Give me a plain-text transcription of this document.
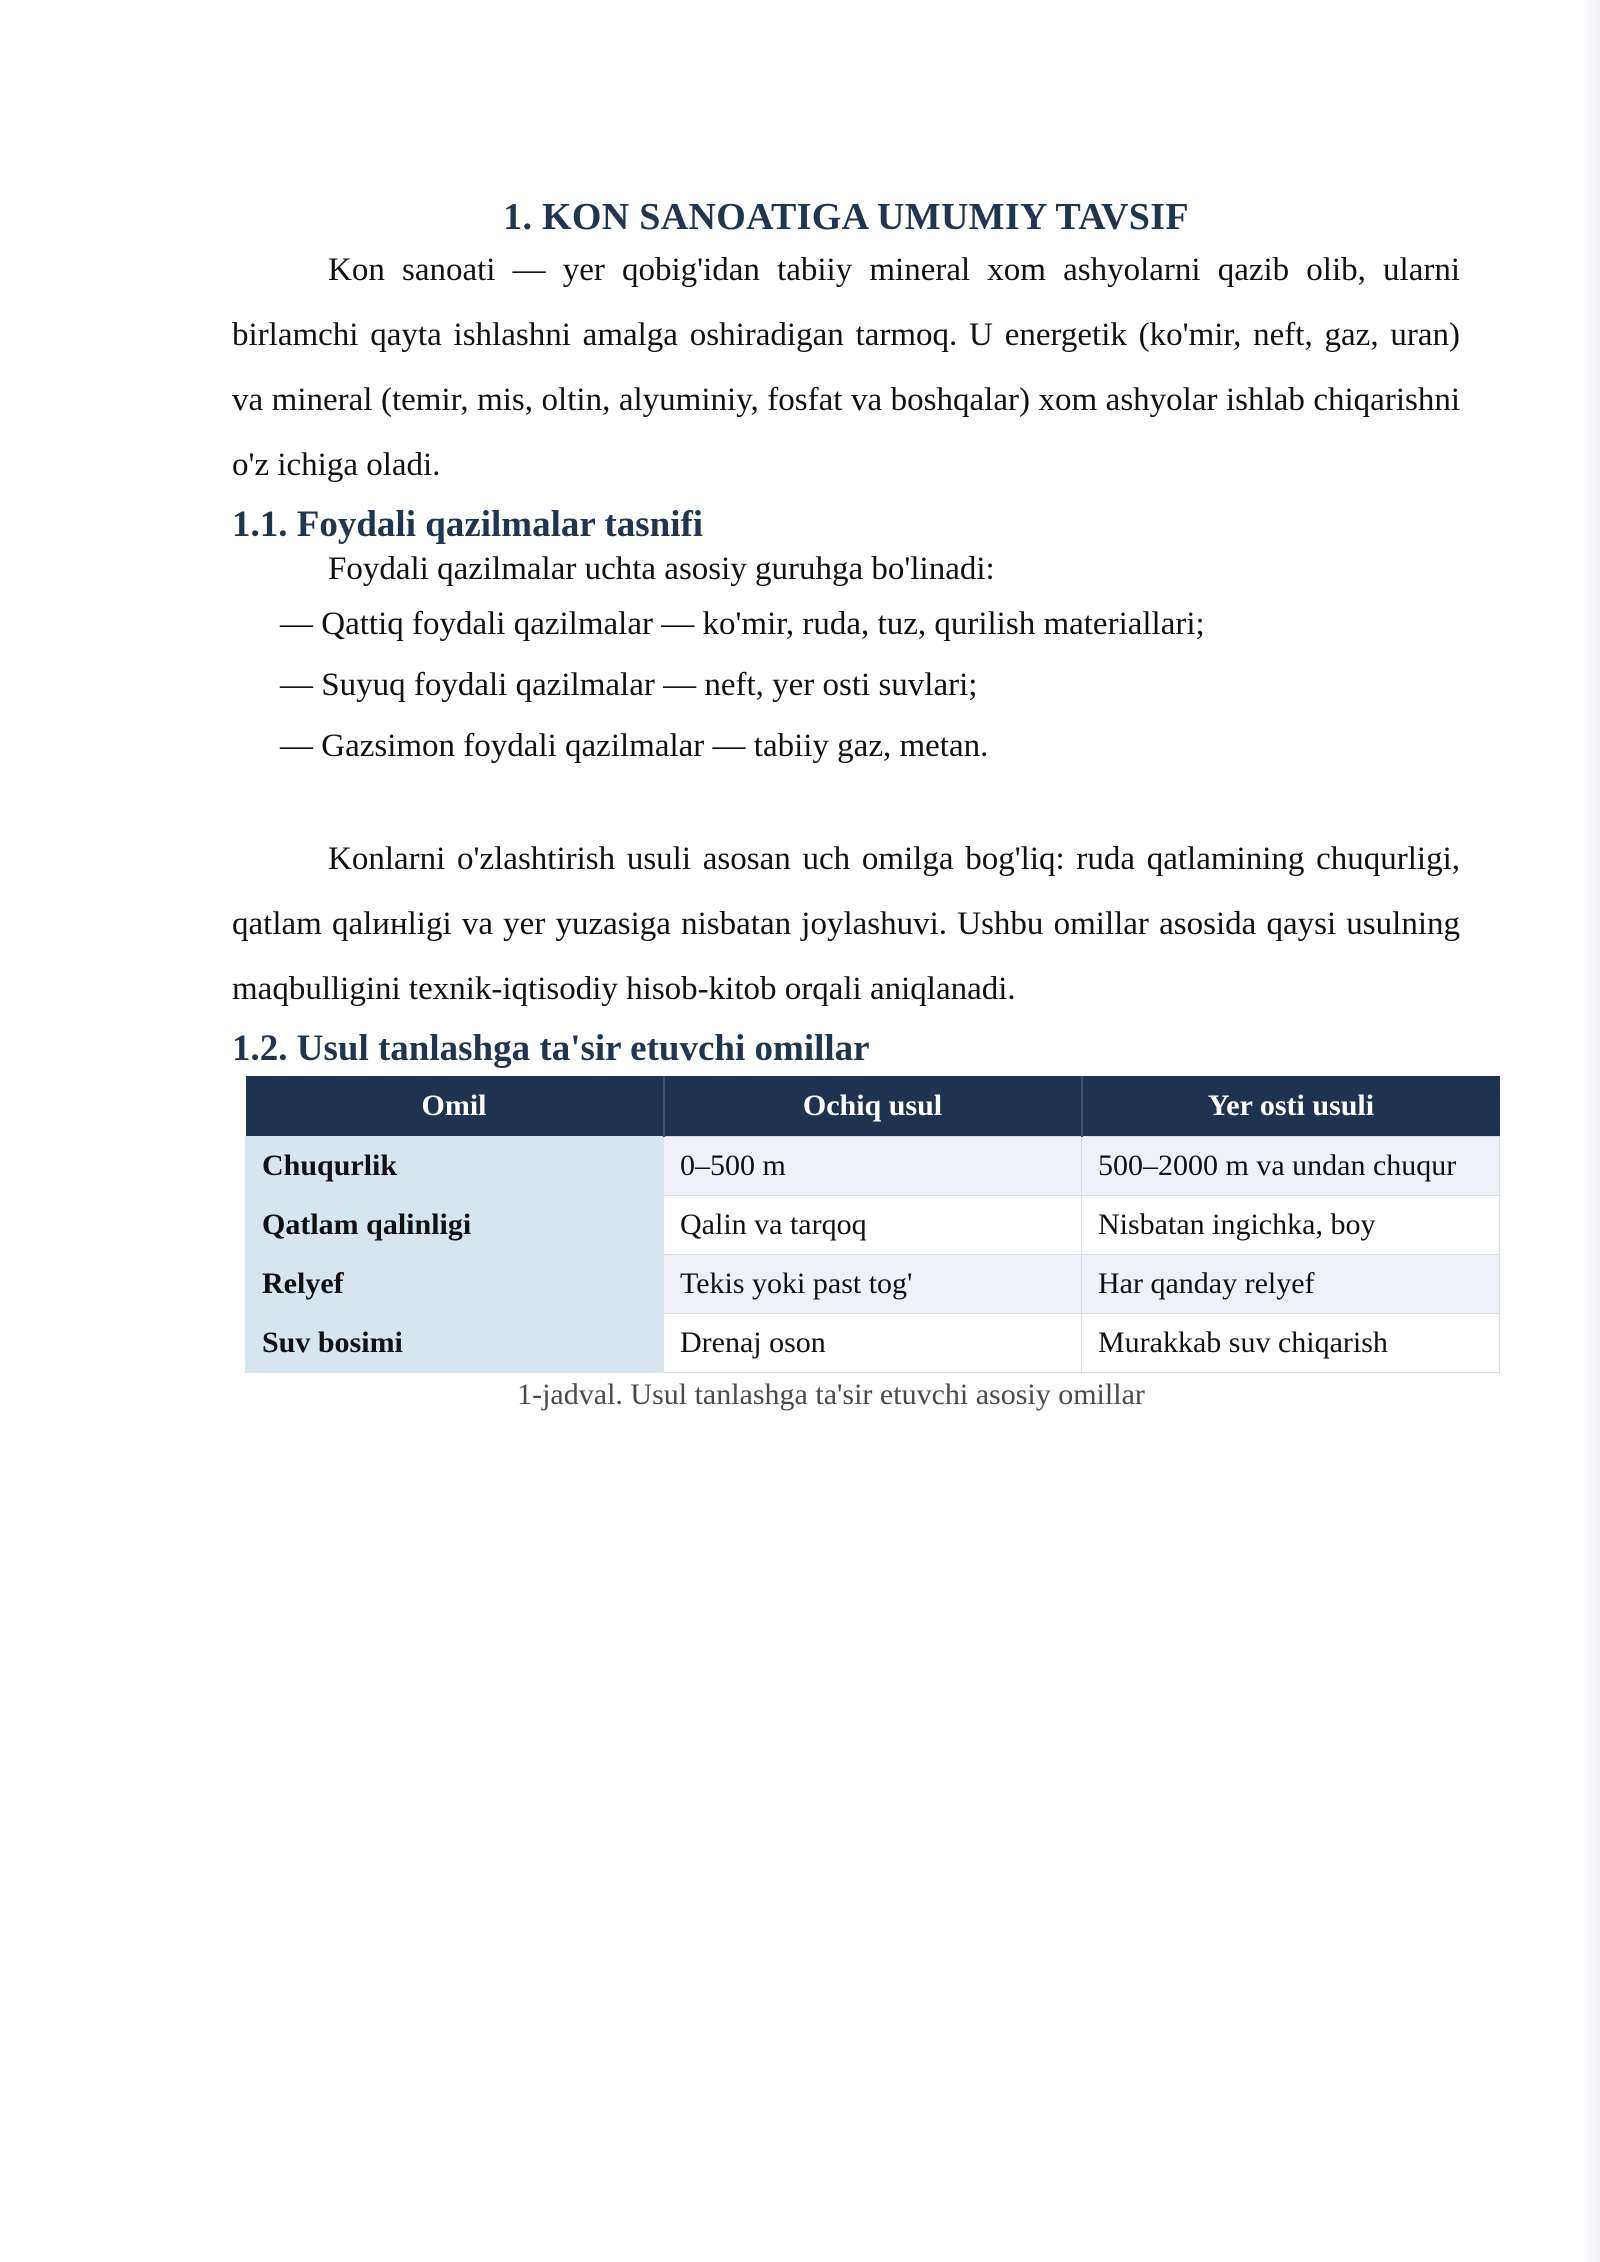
1. KON SANOATIGA UMUMIY TAVSIF

Kon sanoati — yer qobig'idan tabiiy mineral xom ashyolarni qazib olib, ularni birlamchi qayta ishlashni amalga oshiradigan tarmoq. U energetik (ko'mir, neft, gaz, uran) va mineral (temir, mis, oltin, alyuminiy, fosfat va boshqalar) xom ashyolar ishlab chiqarishni o'z ichiga oladi.

1.1. Foydali qazilmalar tasnifi

Foydali qazilmalar uchta asosiy guruhga bo'linadi:

— Qattiq foydali qazilmalar — ko'mir, ruda, tuz, qurilish materiallari;
— Suyuq foydali qazilmalar — neft, yer osti suvlari;
— Gazsimon foydali qazilmalar — tabiiy gaz, metan.

Konlarni o'zlashtirish usuli asosan uch omilga bog'liq: ruda qatlamining chuqurligi, qatlam qalинligi va yer yuzasiga nisbatan joylashuvi. Ushbu omillar asosida qaysi usulning maqbulligini texnik-iqtisodiy hisob-kitob orqali aniqlanadi.

1.2. Usul tanlashga ta'sir etuvchi omillar
Omil	Ochiq usul	Yer osti usuli
Chuqurlik	0–500 m	500–2000 m va undan chuqur
Qatlam qalinligi	Qalin va tarqoq	Nisbatan ingichka, boy
Relyef	Tekis yoki past tog'	Har qanday relyef
Suv bosimi	Drenaj oson	Murakkab suv chiqarish
1-jadval. Usul tanlashga ta'sir etuvchi asosiy omillar
